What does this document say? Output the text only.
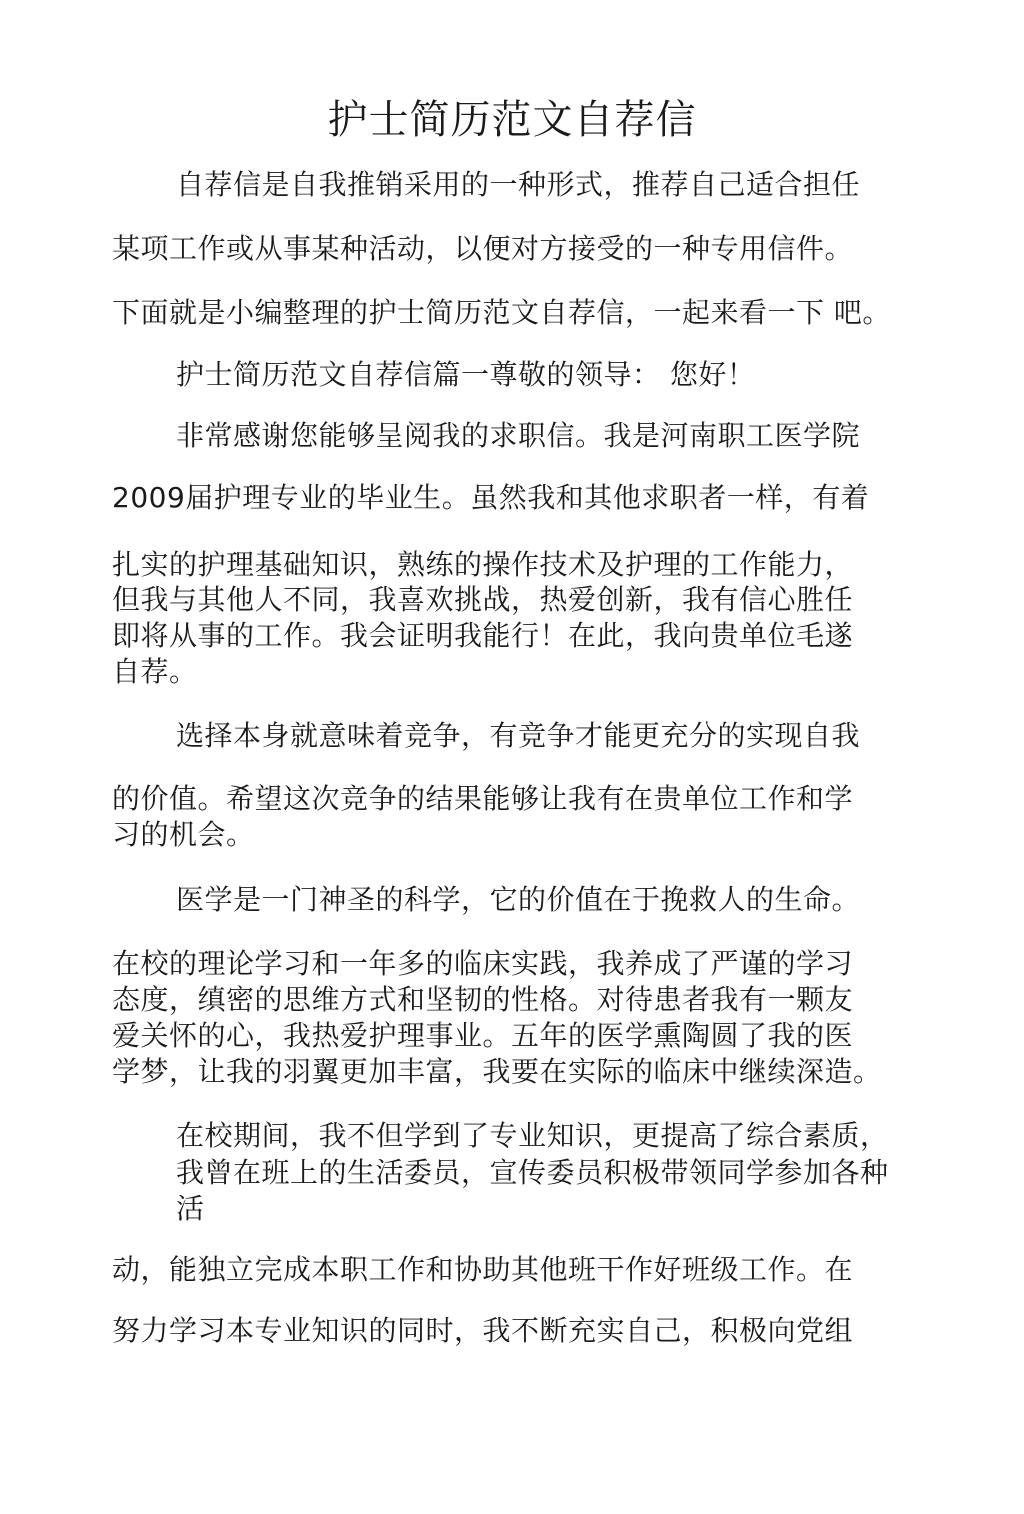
护士简历范文自荐信
自荐信是自我推销采用的一种形式，推荐自己适合担任
某项工作或从事某种活动，以便对方接受的一种专用信件。
下面就是小编整理的护士简历范文自荐信，一起来看一下 吧。
护士简历范文自荐信篇一尊敬的领导： 您好！
非常感谢您能够呈阅我的求职信。我是河南职工医学院
2009届护理专业的毕业生。虽然我和其他求职者一样，有着
扎实的护理基础知识，熟练的操作技术及护理的工作能力，
但我与其他人不同，我喜欢挑战，热爱创新，我有信心胜任
即将从事的工作。我会证明我能行！在此，我向贵单位毛遂
自荐。
选择本身就意味着竞争，有竞争才能更充分的实现自我
的价值。希望这次竞争的结果能够让我有在贵单位工作和学
习的机会。
医学是一门神圣的科学，它的价值在于挽救人的生命。
在校的理论学习和一年多的临床实践，我养成了严谨的学习
态度，缜密的思维方式和坚韧的性格。对待患者我有一颗友
爱关怀的心，我热爱护理事业。五年的医学熏陶圆了我的医
学梦，让我的羽翼更加丰富，我要在实际的临床中继续深造。
在校期间，我不但学到了专业知识，更提高了综合素质，
我曾在班上的生活委员，宣传委员积极带领同学参加各种
活
动，能独立完成本职工作和协助其他班干作好班级工作。在
努力学习本专业知识的同时，我不断充实自己，积极向党组
